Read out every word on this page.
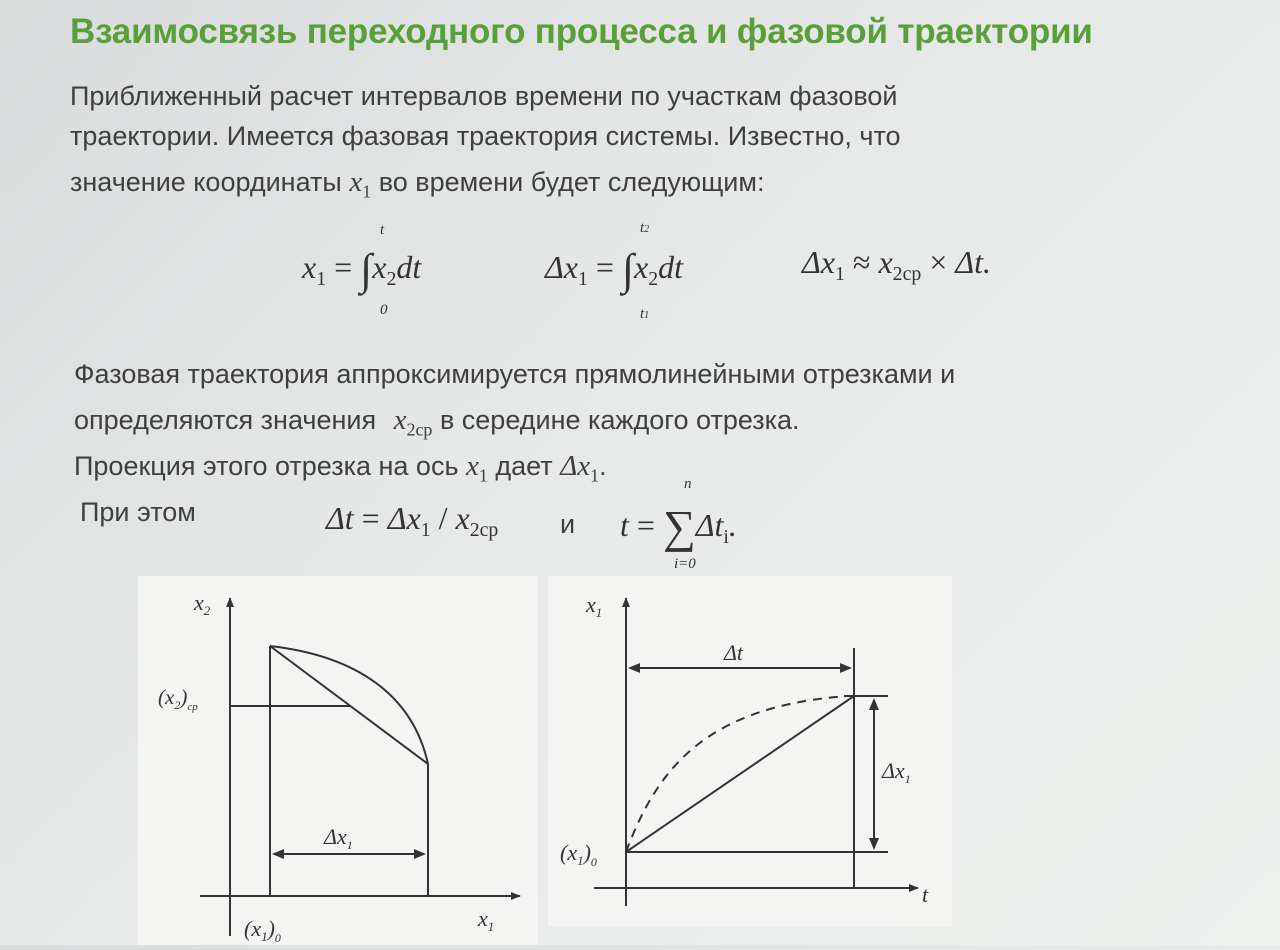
Взаимосвязь переходного процесса и фазовой траектории
Приближенный расчет интервалов времени по участкам фазовой
траектории. Имеется фазовая траектория системы. Известно, что
значение координаты $x_1$ во времени будет следующим:
$x_1 = \int x_2dt$
t
0
$\Delta x_1 = \int x_2dt$
t2
t1
$\Delta x_1 \approx x_{2ср} \times \Delta t$.
Фазовая траектория аппроксимируется прямолинейными отрезками и
определяются значения $x_{2ср}$ в середине каждого отрезка.
Проекция этого отрезка на ось $x_1$ дает $\Delta x_1$.
При этом	$\Delta t = \Delta x_1 / x_{2ср}$ и $t = \sum\Delta t_i$.
n
i=0
$x_2$
$x_1$
$(x_2)_{ср}$
$(x_1)_0$
$\Delta x_1$
$x_1$
t
Δt
$\Delta x_1$
$(x_1)_0$
